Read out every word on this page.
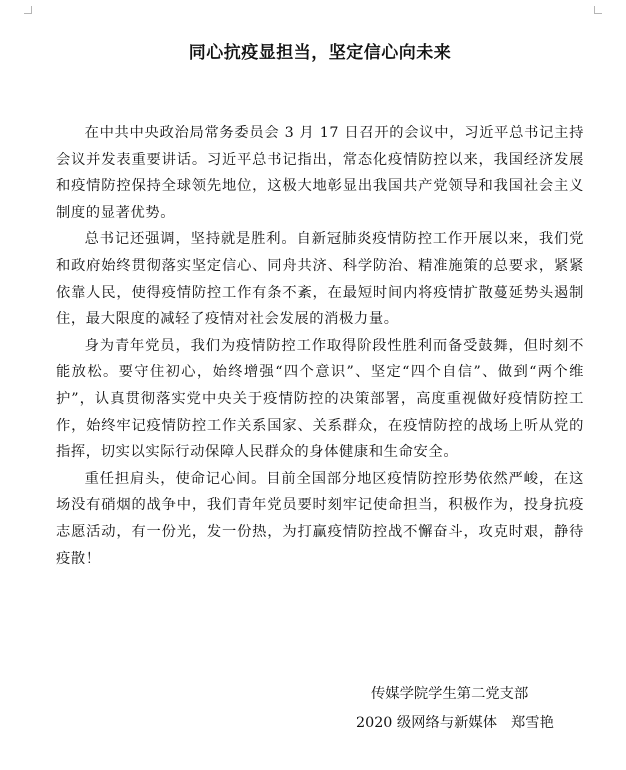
同心抗疫显担当，坚定信心向未来

在中共中央政治局常务委员会 3 月 17 日召开的会议中，习近平总书记主持会议并发表重要讲话。习近平总书记指出，常态化疫情防控以来，我国经济发展和疫情防控保持全球领先地位，这极大地彰显出我国共产党领导和我国社会主义制度的显著优势。

总书记还强调，坚持就是胜利。自新冠肺炎疫情防控工作开展以来，我们党和政府始终贯彻落实坚定信心、同舟共济、科学防治、精准施策的总要求，紧紧依靠人民，使得疫情防控工作有条不紊，在最短时间内将疫情扩散蔓延势头遏制住，最大限度的减轻了疫情对社会发展的消极力量。

身为青年党员，我们为疫情防控工作取得阶段性胜利而备受鼓舞，但时刻不能放松。要守住初心，始终增强“四个意识”、坚定“四个自信”、做到“两个维护”，认真贯彻落实党中央关于疫情防控的决策部署，高度重视做好疫情防控工作，始终牢记疫情防控工作关系国家、关系群众，在疫情防控的战场上听从党的指挥，切实以实际行动保障人民群众的身体健康和生命安全。

重任担肩头，使命记心间。目前全国部分地区疫情防控形势依然严峻，在这场没有硝烟的战争中，我们青年党员要时刻牢记使命担当，积极作为，投身抗疫志愿活动，有一份光，发一份热，为打赢疫情防控战不懈奋斗，攻克时艰，静待疫散！

传媒学院学生第二党支部
2020 级网络与新媒体 郑雪艳
